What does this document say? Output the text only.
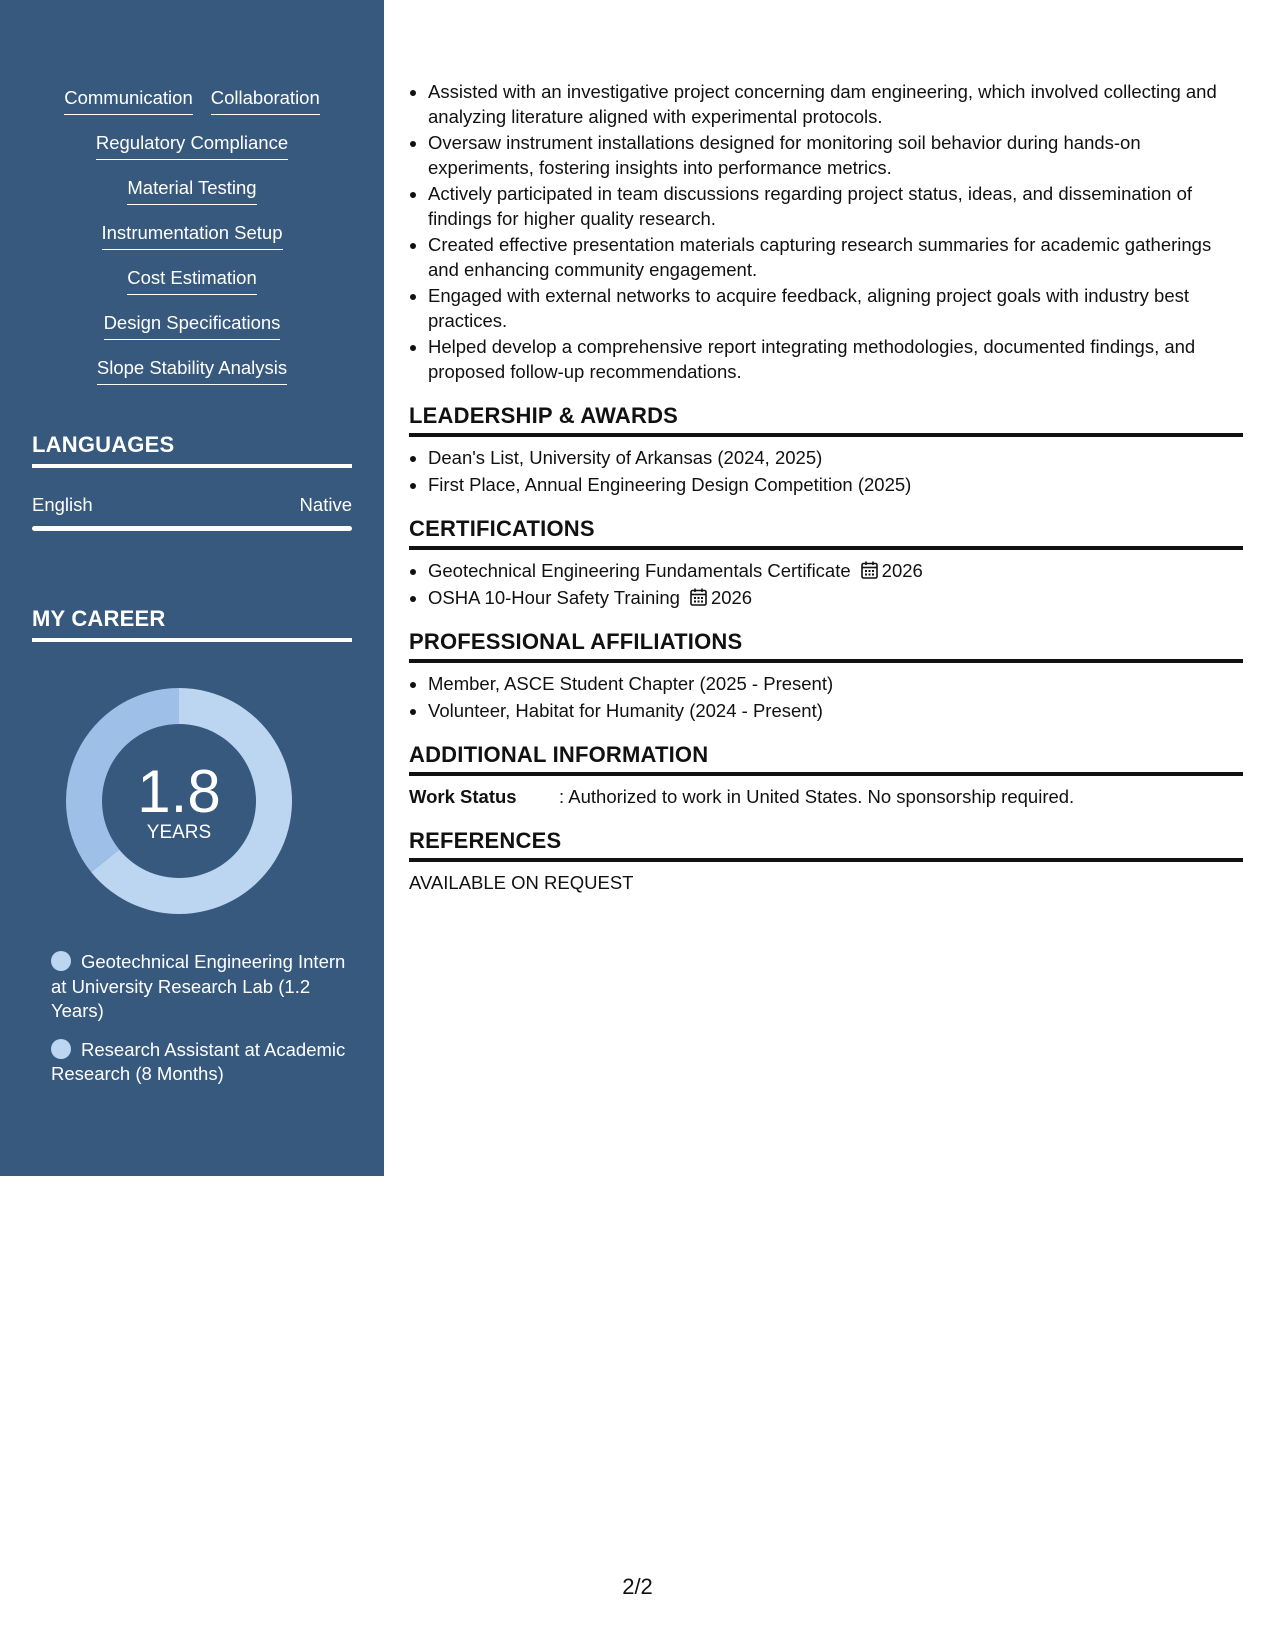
Communication Collaboration
Regulatory Compliance
Material Testing
Instrumentation Setup
Cost Estimation
Design Specifications
Slope Stability Analysis
LANGUAGES
English	Native
MY CAREER
1.8
YEARS
Geotechnical Engineering Intern at University Research Lab (1.2 Years)
Research Assistant at Academic Research (8 Months)
Assisted with an investigative project concerning dam engineering, which involved collecting and analyzing literature aligned with experimental protocols.
Oversaw instrument installations designed for monitoring soil behavior during hands-on experiments, fostering insights into performance metrics.
Actively participated in team discussions regarding project status, ideas, and dissemination of findings for higher quality research.
Created effective presentation materials capturing research summaries for academic gatherings and enhancing community engagement.
Engaged with external networks to acquire feedback, aligning project goals with industry best practices.
Helped develop a comprehensive report integrating methodologies, documented findings, and proposed follow-up recommendations.
LEADERSHIP & AWARDS
Dean's List, University of Arkansas (2024, 2025)
First Place, Annual Engineering Design Competition (2025)
CERTIFICATIONS
Geotechnical Engineering Fundamentals Certificate 2026
OSHA 10-Hour Safety Training 2026
PROFESSIONAL AFFILIATIONS
Member, ASCE Student Chapter (2025 - Present)
Volunteer, Habitat for Humanity (2024 - Present)
ADDITIONAL INFORMATION
Work Status	: Authorized to work in United States. No sponsorship required.
REFERENCES
AVAILABLE ON REQUEST
2/2
